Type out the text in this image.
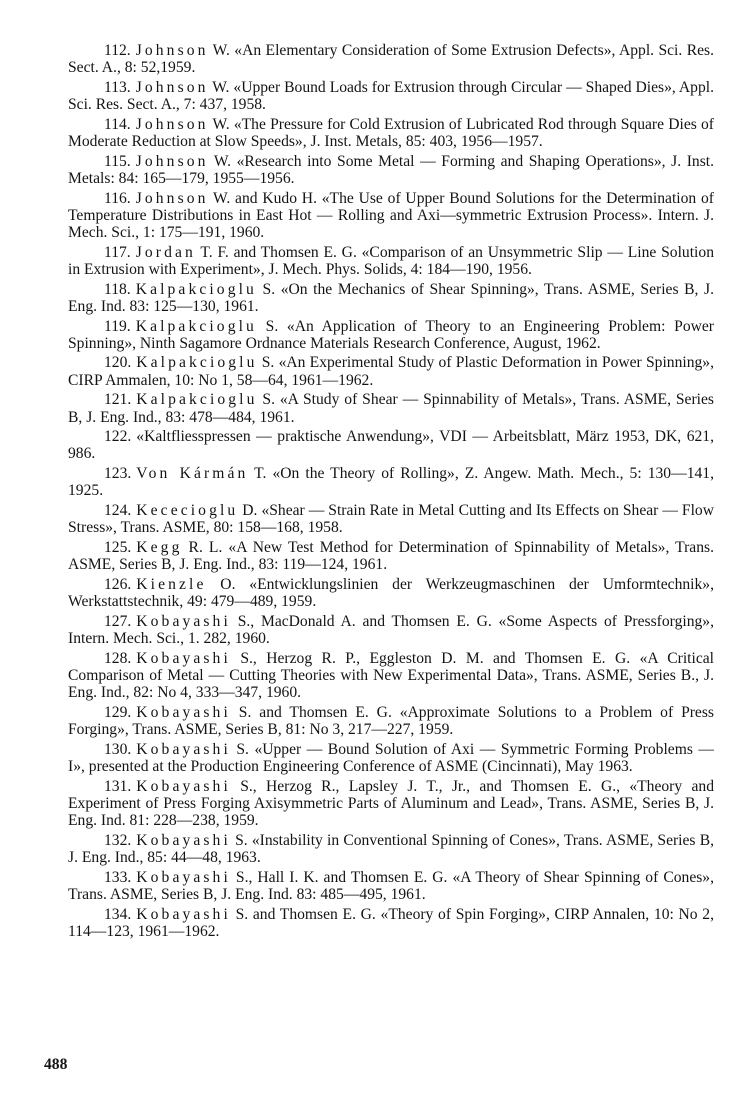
112. Johnson W. «An Elementary Consideration of Some Extrusion Defects», Appl. Sci. Res. Sect. A., 8: 52,1959.

113. Johnson W. «Upper Bound Loads for Extrusion through Circular — Shaped Dies», Appl. Sci. Res. Sect. A., 7: 437, 1958.

114. Johnson W. «The Pressure for Cold Extrusion of Lubricated Rod through Square Dies of Moderate Reduction at Slow Speeds», J. Inst. Metals, 85: 403, 1956—1957.

115. Johnson W. «Research into Some Metal — Forming and Shaping Operations», J. Inst. Metals: 84: 165—179, 1955—1956.

116. Johnson W. and Kudo H. «The Use of Upper Bound Solutions for the Determination of Temperature Distributions in East Hot — Rolling and Axi—symmetric Extrusion Process». Intern. J. Mech. Sci., 1: 175—191, 1960.

117. Jordan T. F. and Thomsen E. G. «Comparison of an Unsymmetric Slip — Line Solution in Extrusion with Experiment», J. Mech. Phys. Solids, 4: 184—190, 1956.

118. Kalpakcioglu S. «On the Mechanics of Shear Spinning», Trans. ASME, Series B, J. Eng. Ind. 83: 125—130, 1961.

119. Kalpakcioglu S. «An Application of Theory to an Engineering Problem: Power Spinning», Ninth Sagamore Ordnance Materials Research Conference, August, 1962.

120. Kalpakcioglu S. «An Experimental Study of Plastic Deformation in Power Spinning», CIRP Ammalen, 10: No 1, 58—64, 1961—1962.

121. Kalpakcioglu S. «A Study of Shear — Spinnability of Metals», Trans. ASME, Series B, J. Eng. Ind., 83: 478—484, 1961.

122. «Kaltfliesspressen — praktische Anwendung», VDI — Arbeitsblatt, März 1953, DK, 621, 986.

123. Von Kármán T. «On the Theory of Rolling», Z. Angew. Math. Mech., 5: 130—141, 1925.

124. Kececioglu D. «Shear — Strain Rate in Metal Cutting and Its Effects on Shear — Flow Stress», Trans. ASME, 80: 158—168, 1958.

125. Kegg R. L. «A New Test Method for Determination of Spinnability of Metals», Trans. ASME, Series B, J. Eng. Ind., 83: 119—124, 1961.

126. Kienzle O. «Entwicklungslinien der Werkzeugmaschinen der Umformtechnik», Werkstattstechnik, 49: 479—489, 1959.

127. Kobayashi S., MacDonald A. and Thomsen E. G. «Some Aspects of Pressforging», Intern. Mech. Sci., 1. 282, 1960.

128. Kobayashi S., Herzog R. P., Eggleston D. M. and Thomsen E. G. «A Critical Comparison of Metal — Cutting Theories with New Experimental Data», Trans. ASME, Series B., J. Eng. Ind., 82: No 4, 333—347, 1960.

129. Kobayashi S. and Thomsen E. G. «Approximate Solutions to a Problem of Press Forging», Trans. ASME, Series B, 81: No 3, 217—227, 1959.

130. Kobayashi S. «Upper — Bound Solution of Axi — Symmetric Forming Problems — I», presented at the Production Engineering Conference of ASME (Cincinnati), May 1963.

131. Kobayashi S., Herzog R., Lapsley J. T., Jr., and Thomsen E. G., «Theory and Experiment of Press Forging Axisymmetric Parts of Aluminum and Lead», Trans. ASME, Series B, J. Eng. Ind. 81: 228—238, 1959.

132. Kobayashi S. «Instability in Conventional Spinning of Cones», Trans. ASME, Series B, J. Eng. Ind., 85: 44—48, 1963.

133. Kobayashi S., Hall I. K. and Thomsen E. G. «A Theory of Shear Spinning of Cones», Trans. ASME, Series B, J. Eng. Ind. 83: 485—495, 1961.

134. Kobayashi S. and Thomsen E. G. «Theory of Spin Forging», CIRP Annalen, 10: No 2, 114—123, 1961—1962.

488
